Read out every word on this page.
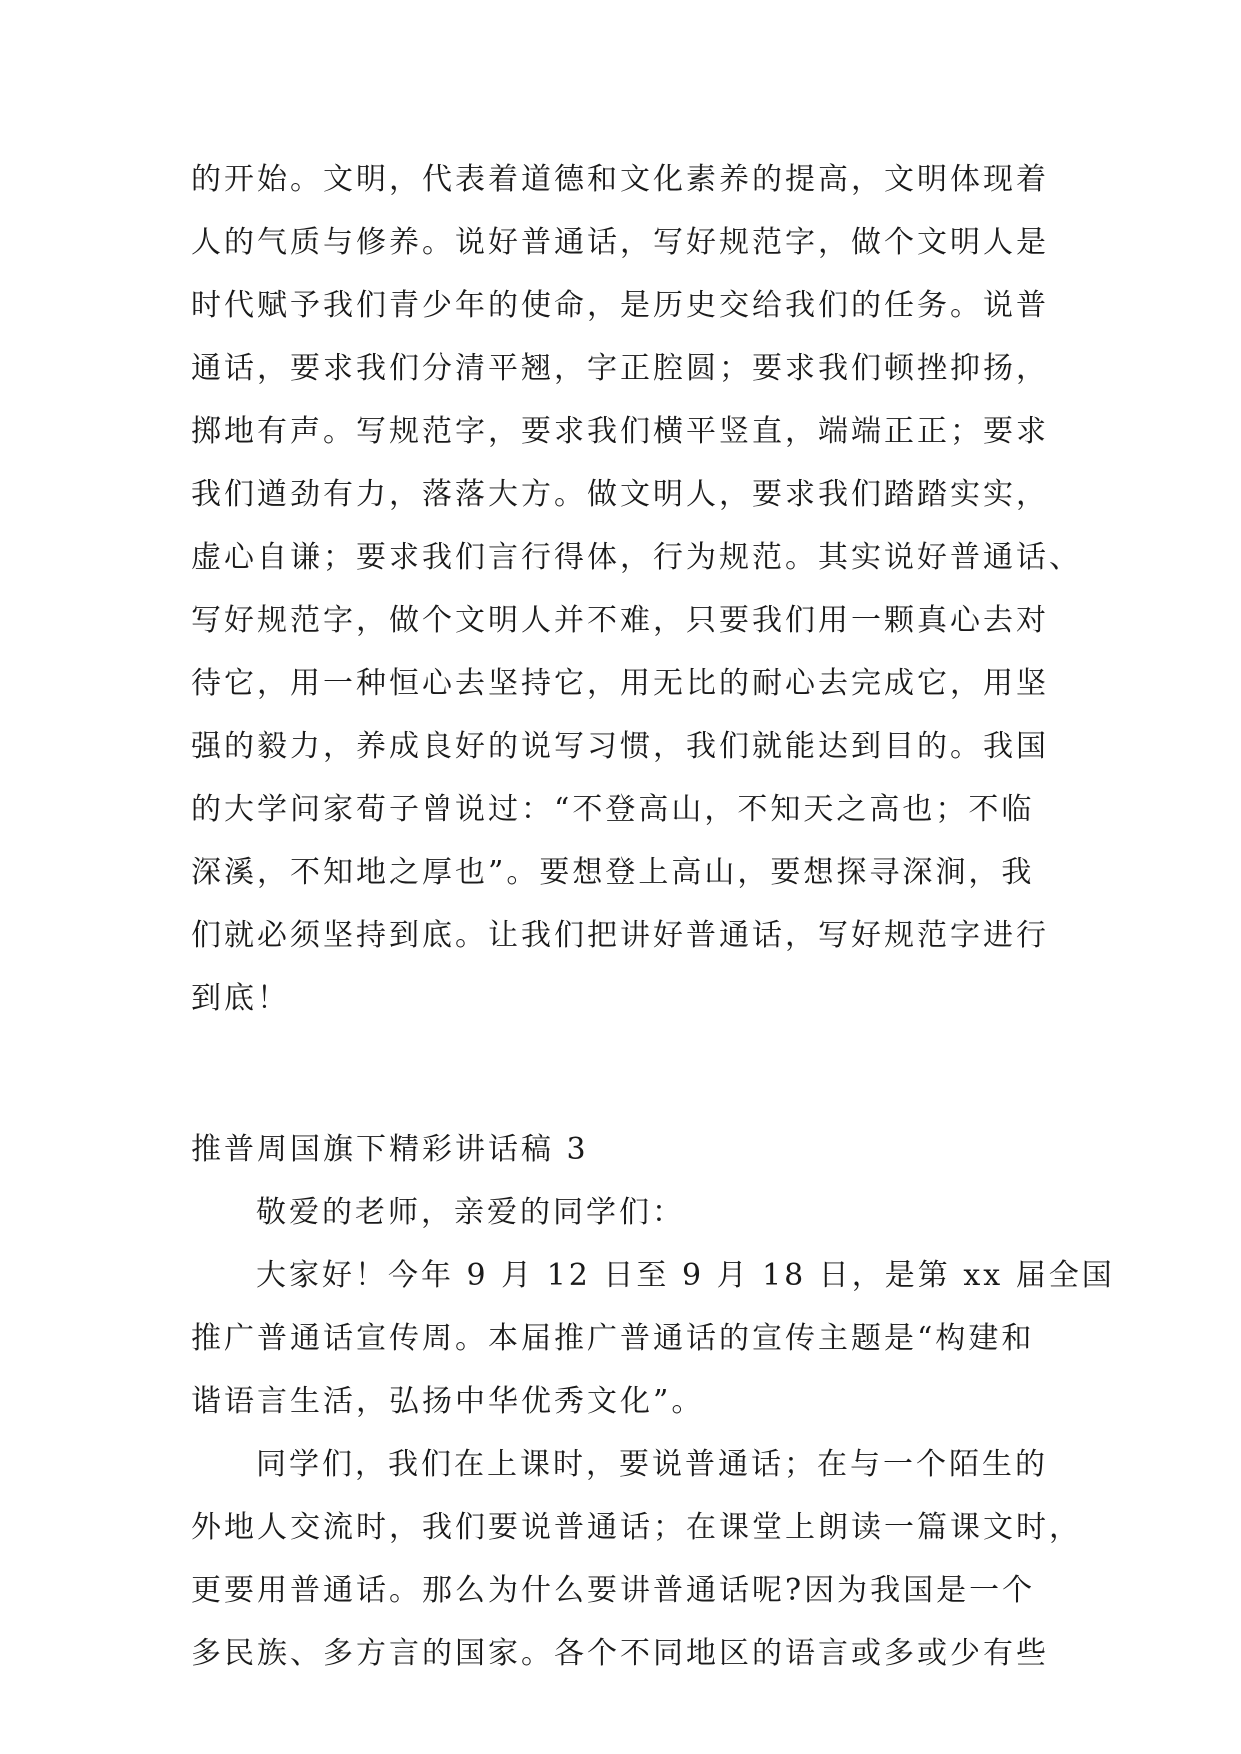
的开始。文明，代表着道德和文化素养的提高，文明体现着
人的气质与修养。说好普通话，写好规范字，做个文明人是
时代赋予我们青少年的使命，是历史交给我们的任务。说普
通话，要求我们分清平翘，字正腔圆；要求我们顿挫抑扬，
掷地有声。写规范字，要求我们横平竖直，端端正正；要求
我们遒劲有力，落落大方。做文明人，要求我们踏踏实实，
虚心自谦；要求我们言行得体，行为规范。其实说好普通话、
写好规范字，做个文明人并不难，只要我们用一颗真心去对
待它，用一种恒心去坚持它，用无比的耐心去完成它，用坚
强的毅力，养成良好的说写习惯，我们就能达到目的。我国
的大学问家荀子曾说过：“不登高山，不知天之高也；不临
深溪，不知地之厚也”。要想登上高山，要想探寻深涧，我
们就必须坚持到底。让我们把讲好普通话，写好规范字进行
到底！
推普周国旗下精彩讲话稿 3
敬爱的老师，亲爱的同学们：
大家好！今年 9 月 12 日至 9 月 18 日，是第 xx 届全国
推广普通话宣传周。本届推广普通话的宣传主题是“构建和
谐语言生活，弘扬中华优秀文化”。
同学们，我们在上课时，要说普通话；在与一个陌生的
外地人交流时，我们要说普通话；在课堂上朗读一篇课文时，
更要用普通话。那么为什么要讲普通话呢?因为我国是一个
多民族、多方言的国家。各个不同地区的语言或多或少有些
